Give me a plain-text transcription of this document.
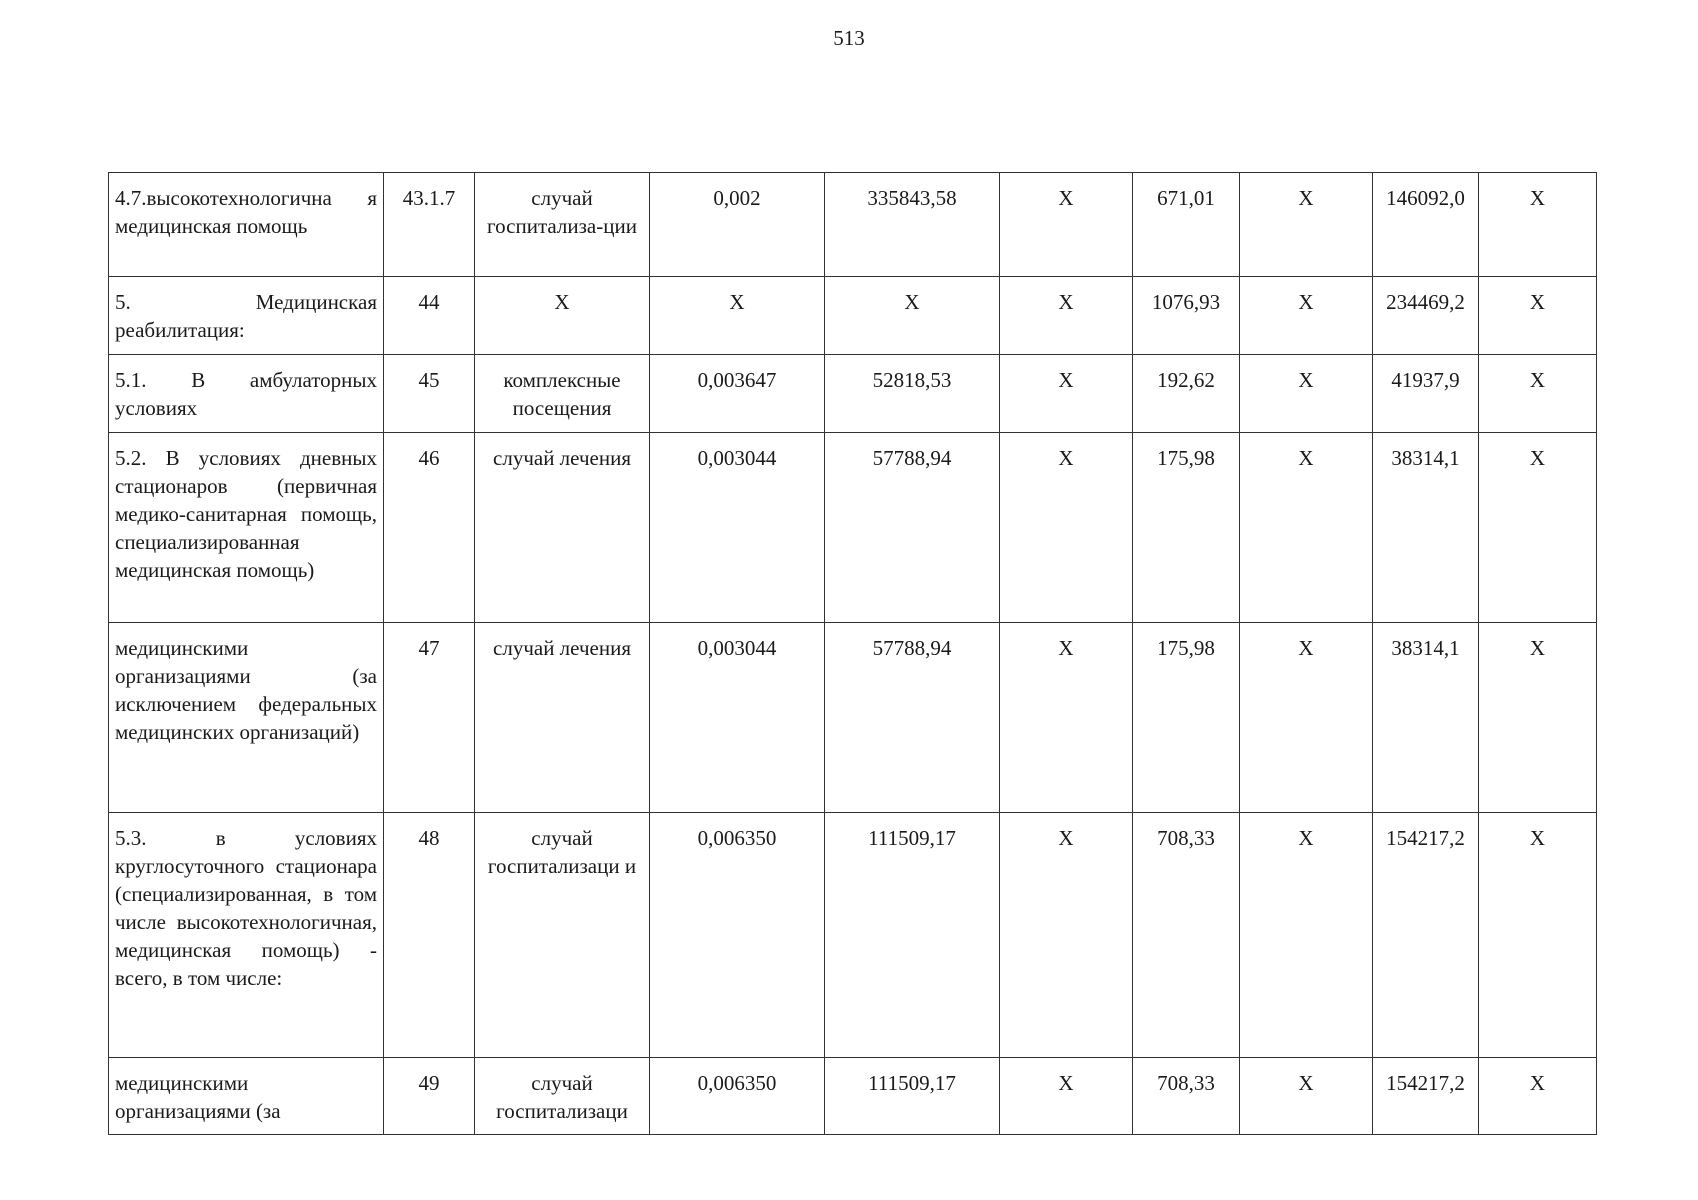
513
4.7.высокотехнологична я медицинская помощь	43.1.7	случай госпитализа-ции	0,002	335843,58	Х	671,01	Х	146092,0	Х
5. Медицинская реабилитация:	44	Х	Х	Х	Х	1076,93	Х	234469,2	Х
5.1. В амбулаторных условиях	45	комплексные посещения	0,003647	52818,53	Х	192,62	Х	41937,9	Х
5.2. В условиях дневных стационаров (первичная медико-санитарная помощь, специализированная медицинская помощь)	46	случай лечения	0,003044	57788,94	Х	175,98	Х	38314,1	Х
медицинскими организациями (за исключением федеральных медицинских организаций)	47	случай лечения	0,003044	57788,94	Х	175,98	Х	38314,1	Х
5.3. в условиях круглосуточного стационара (специализированная, в том числе высокотехнологичная, медицинская помощь) - всего, в том числе:	48	случай госпитализаци и	0,006350	111509,17	Х	708,33	Х	154217,2	Х
медицинскими организациями (за	49	случай госпитализаци	0,006350	111509,17	Х	708,33	Х	154217,2	Х
